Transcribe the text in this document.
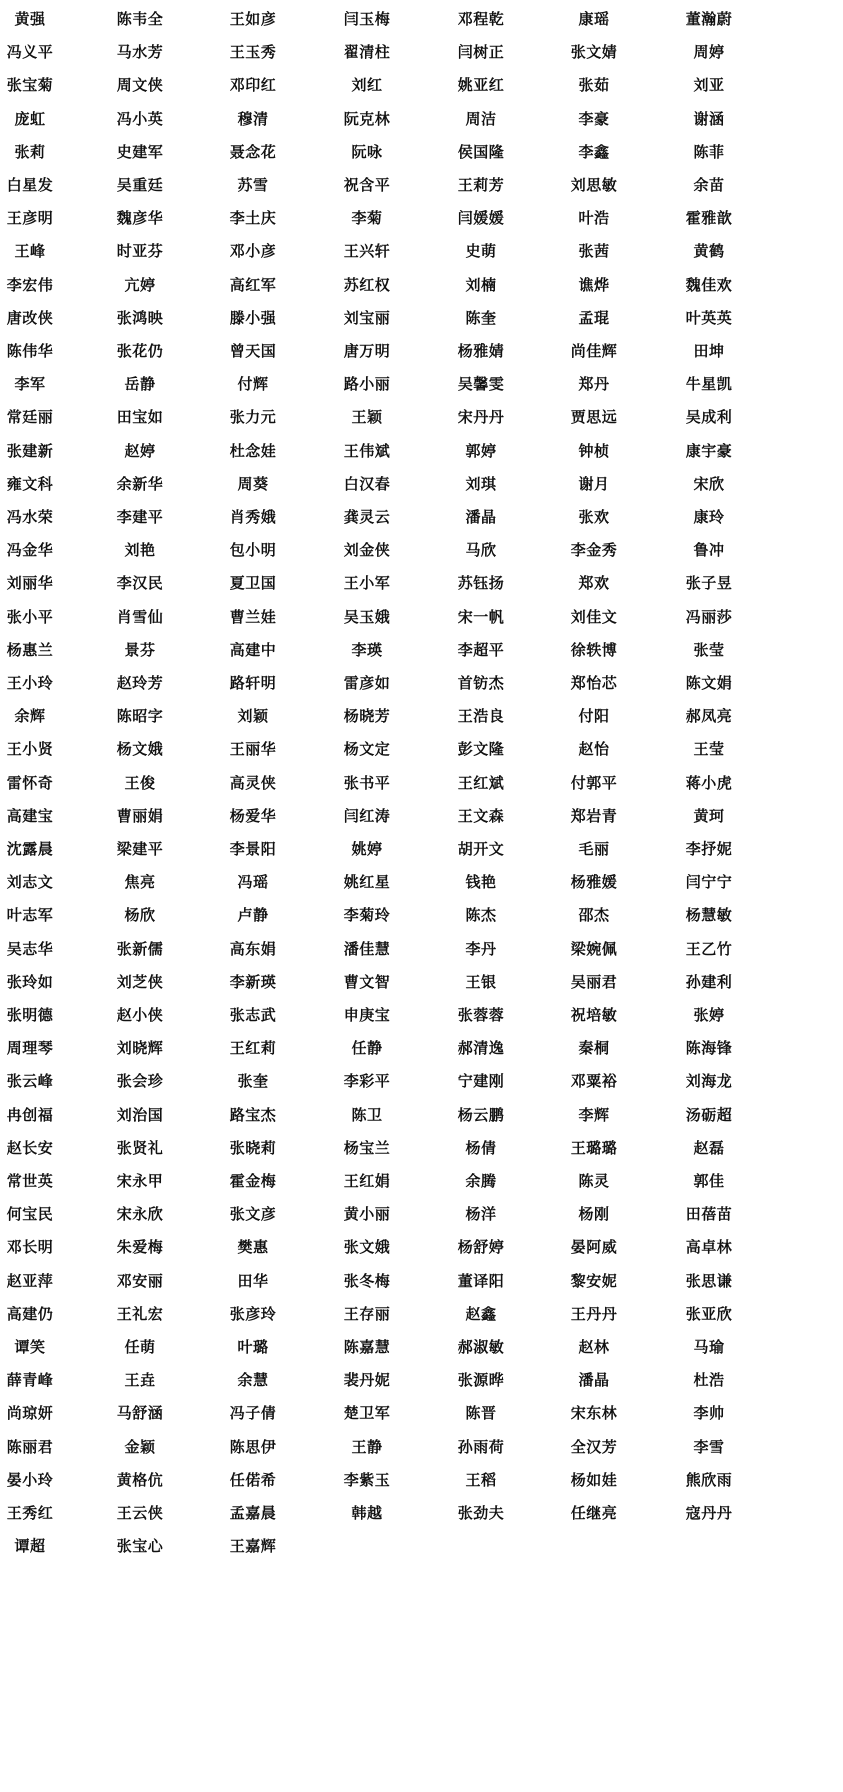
黄强	陈韦全	王如彦	闫玉梅	邓程乾	康瑶	董瀚蔚
冯义平	马水芳	王玉秀	翟清柱	闫树正	张文婧	周婷
张宝菊	周文侠	邓印红	刘红	姚亚红	张茹	刘亚
庞虹	冯小英	穆清	阮克林	周洁	李豪	谢涵
张莉	史建军	聂念花	阮咏	侯国隆	李鑫	陈菲
白星发	吴重廷	苏雪	祝含平	王莉芳	刘思敏	余苗
王彦明	魏彦华	李土庆	李菊	闫媛媛	叶浩	霍雅歆
王峰	时亚芬	邓小彦	王兴轩	史萌	张茜	黄鹤
李宏伟	亢婷	高红军	苏红权	刘楠	谯烨	魏佳欢
唐改侠	张鸿映	滕小强	刘宝丽	陈奎	孟琨	叶英英
陈伟华	张花仍	曾天国	唐万明	杨雅婧	尚佳辉	田坤
李军	岳静	付辉	路小丽	吴馨雯	郑丹	牛星凯
常廷丽	田宝如	张力元	王颖	宋丹丹	贾思远	吴成利
张建新	赵婷	杜念娃	王伟斌	郭婷	钟桢	康宇豪
雍文科	余新华	周葵	白汉春	刘琪	谢月	宋欣
冯水荣	李建平	肖秀娥	龚灵云	潘晶	张欢	康玲
冯金华	刘艳	包小明	刘金侠	马欣	李金秀	鲁冲
刘丽华	李汉民	夏卫国	王小军	苏钰扬	郑欢	张子昱
张小平	肖雪仙	曹兰娃	吴玉娥	宋一帆	刘佳文	冯丽莎
杨惠兰	景芬	高建中	李瑛	李超平	徐轶博	张莹
王小玲	赵玲芳	路轩明	雷彦如	首钫杰	郑怡芯	陈文娟
余辉	陈昭字	刘颖	杨晓芳	王浩良	付阳	郝凤亮
王小贤	杨文娥	王丽华	杨文定	彭文隆	赵怡	王莹
雷怀奇	王俊	高灵侠	张书平	王红斌	付郭平	蒋小虎
高建宝	曹丽娟	杨爱华	闫红涛	王文森	郑岩青	黄珂
沈露晨	梁建平	李景阳	姚婷	胡开文	毛丽	李抒妮
刘志文	焦亮	冯瑶	姚红星	钱艳	杨雅媛	闫宁宁
叶志军	杨欣	卢静	李菊玲	陈杰	邵杰	杨慧敏
吴志华	张新儒	高东娟	潘佳慧	李丹	梁婉佩	王乙竹
张玲如	刘芝侠	李新瑛	曹文智	王银	吴丽君	孙建利
张明德	赵小侠	张志武	申庚宝	张蓉蓉	祝培敏	张婷
周理琴	刘晓辉	王红莉	任静	郝清逸	秦桐	陈海锋
张云峰	张会珍	张奎	李彩平	宁建刚	邓粟裕	刘海龙
冉创福	刘治国	路宝杰	陈卫	杨云鹏	李辉	汤砺超
赵长安	张贤礼	张晓莉	杨宝兰	杨倩	王璐璐	赵磊
常世英	宋永甲	霍金梅	王红娟	余腾	陈灵	郭佳
何宝民	宋永欣	张文彦	黄小丽	杨洋	杨刚	田蓓苗
邓长明	朱爱梅	樊惠	张文娥	杨舒婷	晏阿威	高卓林
赵亚萍	邓安丽	田华	张冬梅	董译阳	黎安妮	张思谦
高建仍	王礼宏	张彦玲	王存丽	赵鑫	王丹丹	张亚欣
谭笑	任萌	叶璐	陈嘉慧	郝淑敏	赵林	马瑜
薛青峰	王垚	余慧	裴丹妮	张源晔	潘晶	杜浩
尚琼妍	马舒涵	冯子倩	楚卫军	陈晋	宋东林	李帅
陈丽君	金颖	陈思伊	王静	孙雨荷	全汉芳	李雪
晏小玲	黄格伉	任偌希	李紫玉	王稻	杨如娃	熊欣雨
王秀红	王云侠	孟嘉晨	韩越	张劲夫	任继亮	寇丹丹
谭超	张宝心	王嘉辉
